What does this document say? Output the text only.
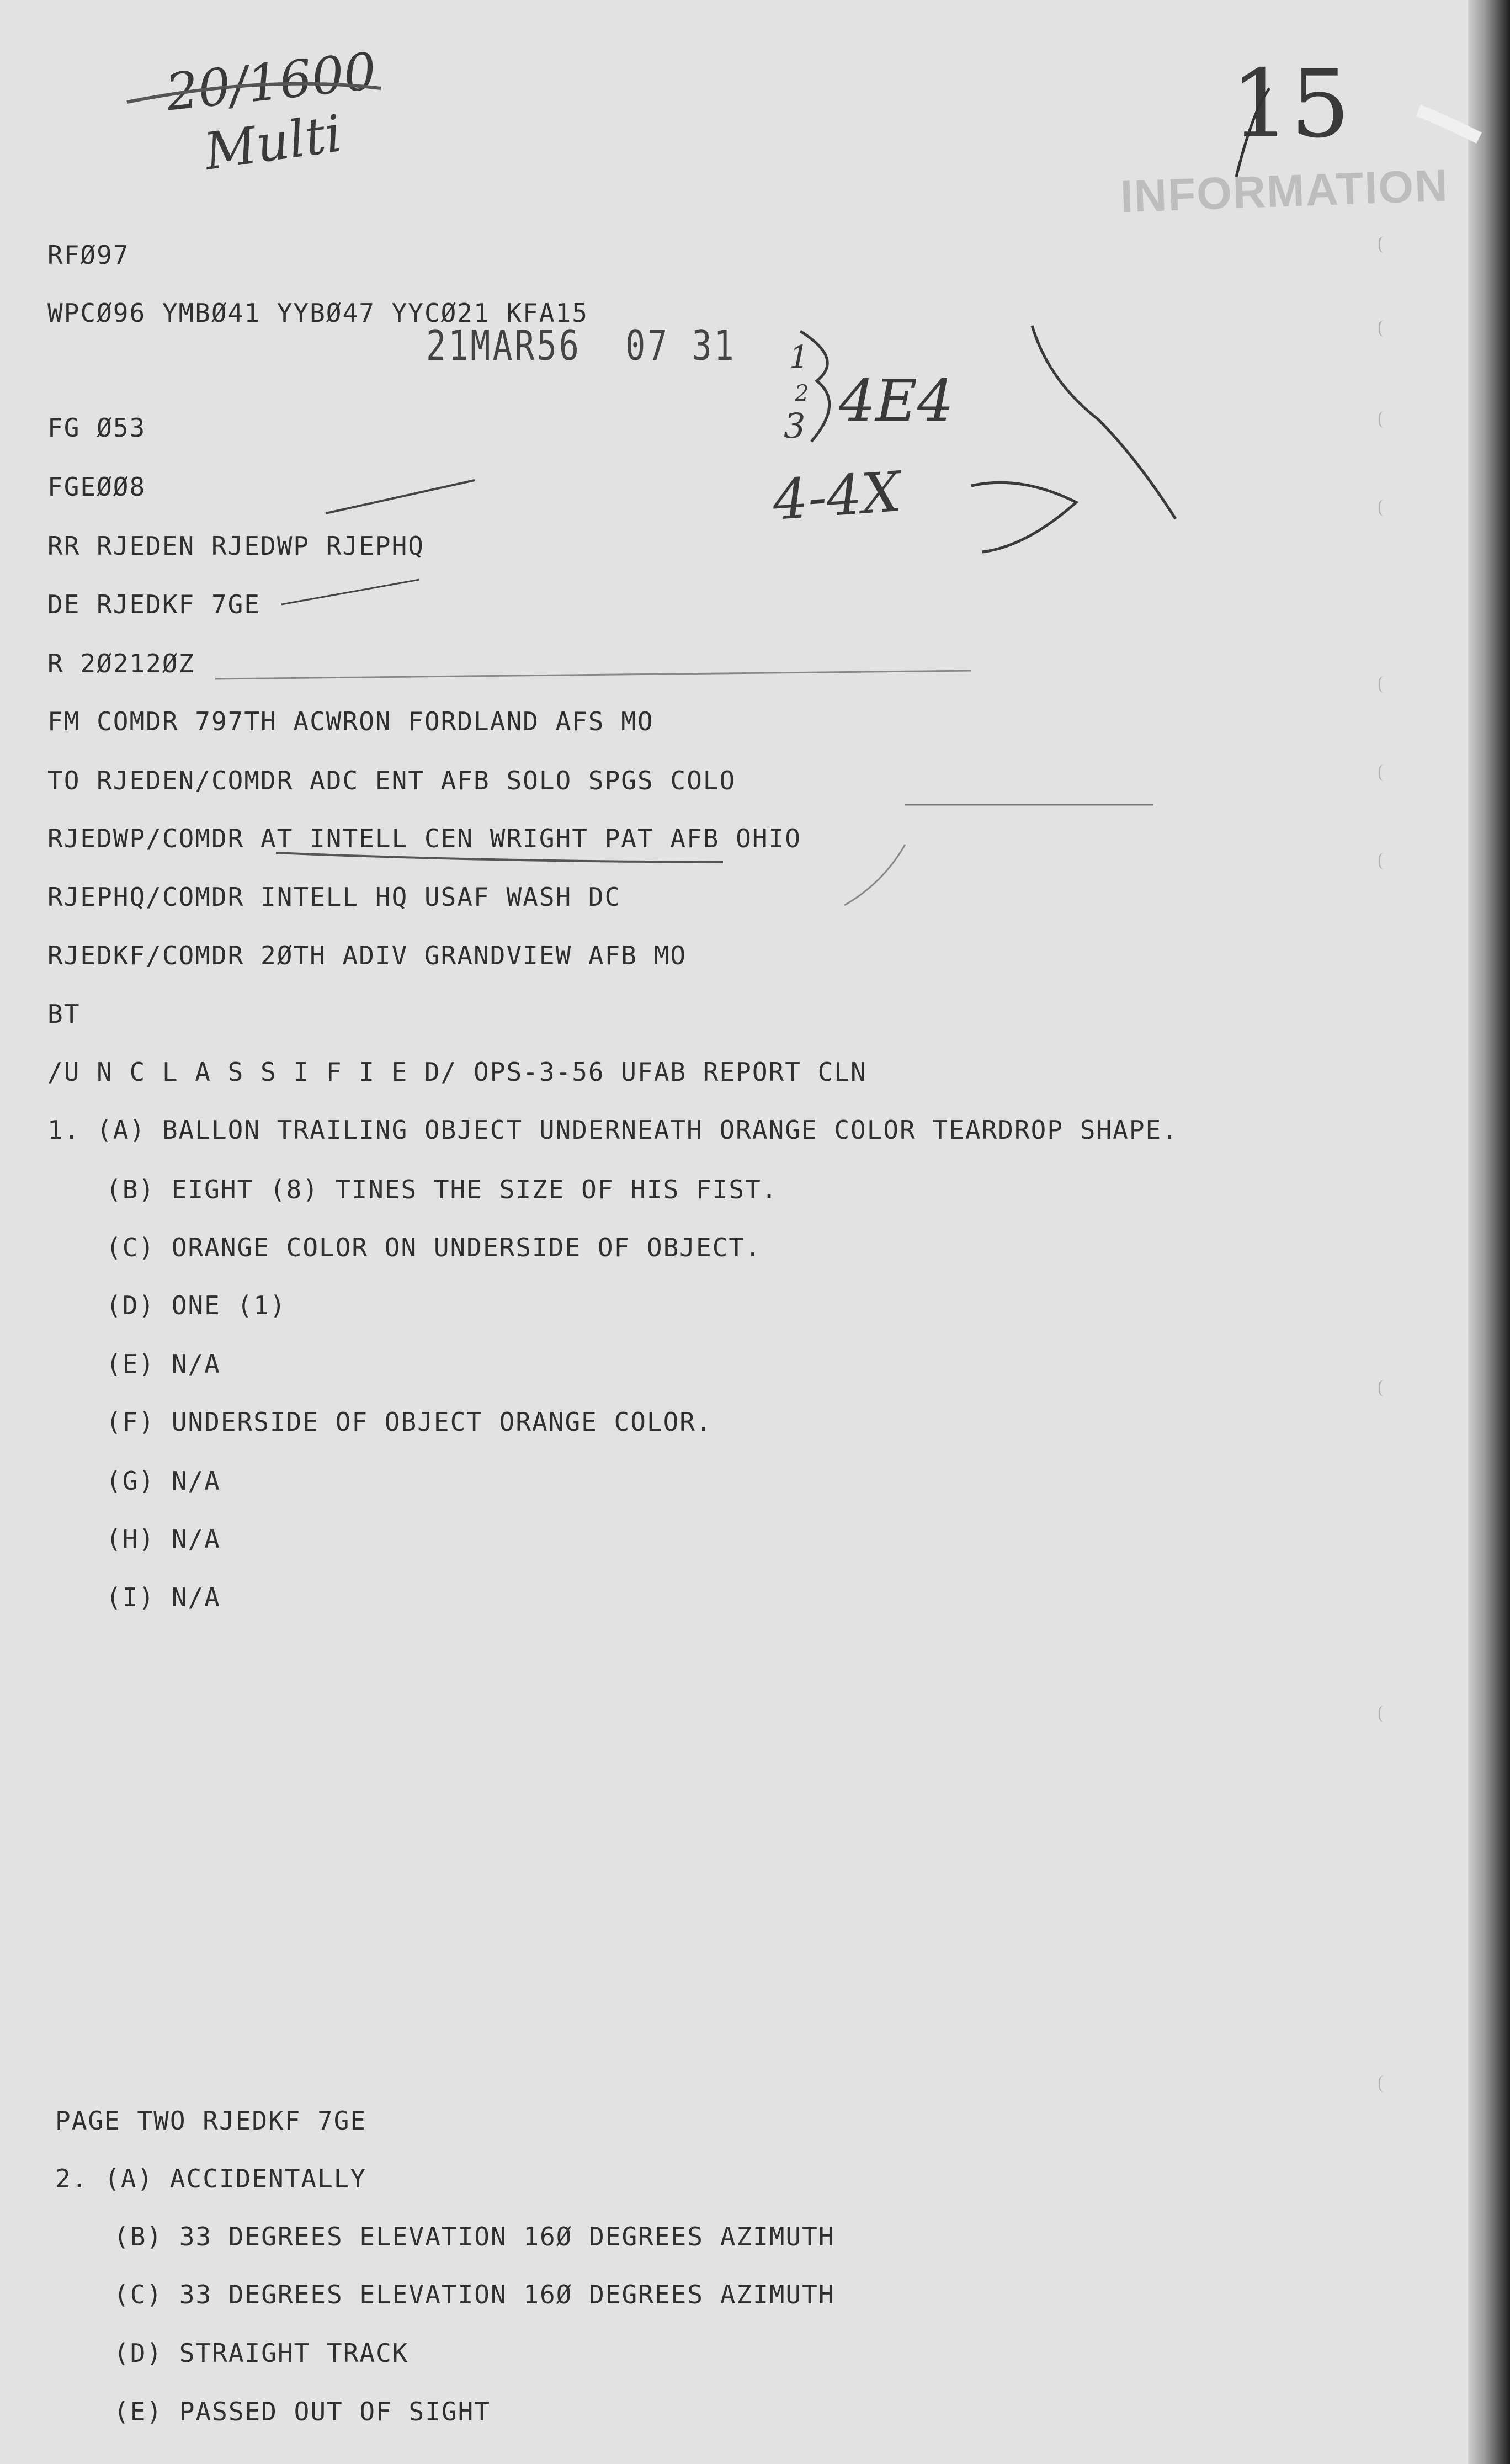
20/1600
Multi	15
1
2
3 4E4
4-4X
INFORMATION
21MAR56  07 31
RFØ97
WPCØ96 YMBØ41 YYBØ47 YYCØ21 KFA15
FG Ø53
FGEØØ8
RR RJEDEN RJEDWP RJEPHQ
DE RJEDKF 7GE
R 2Ø212ØZ
FM COMDR 797TH ACWRON FORDLAND AFS MO
TO RJEDEN/COMDR ADC ENT AFB SOLO SPGS COLO
RJEDWP/COMDR AT INTELL CEN WRIGHT PAT AFB OHIO
RJEPHQ/COMDR INTELL HQ USAF WASH DC
RJEDKF/COMDR 2ØTH ADIV GRANDVIEW AFB MO
BT
/U N C L A S S I F I E D/ OPS-3-56 UFAB REPORT CLN
1. (A) BALLON TRAILING OBJECT UNDERNEATH ORANGE COLOR TEARDROP SHAPE.
(B) EIGHT (8) TINES THE SIZE OF HIS FIST.
(C) ORANGE COLOR ON UNDERSIDE OF OBJECT.
(D) ONE (1)
(E) N/A
(F) UNDERSIDE OF OBJECT ORANGE COLOR.
(G) N/A
(H) N/A
(I) N/A
PAGE TWO RJEDKF 7GE
2. (A) ACCIDENTALLY
(B) 33 DEGREES ELEVATION 16Ø DEGREES AZIMUTH
(C) 33 DEGREES ELEVATION 16Ø DEGREES AZIMUTH
(D) STRAIGHT TRACK
(E) PASSED OUT OF SIGHT
